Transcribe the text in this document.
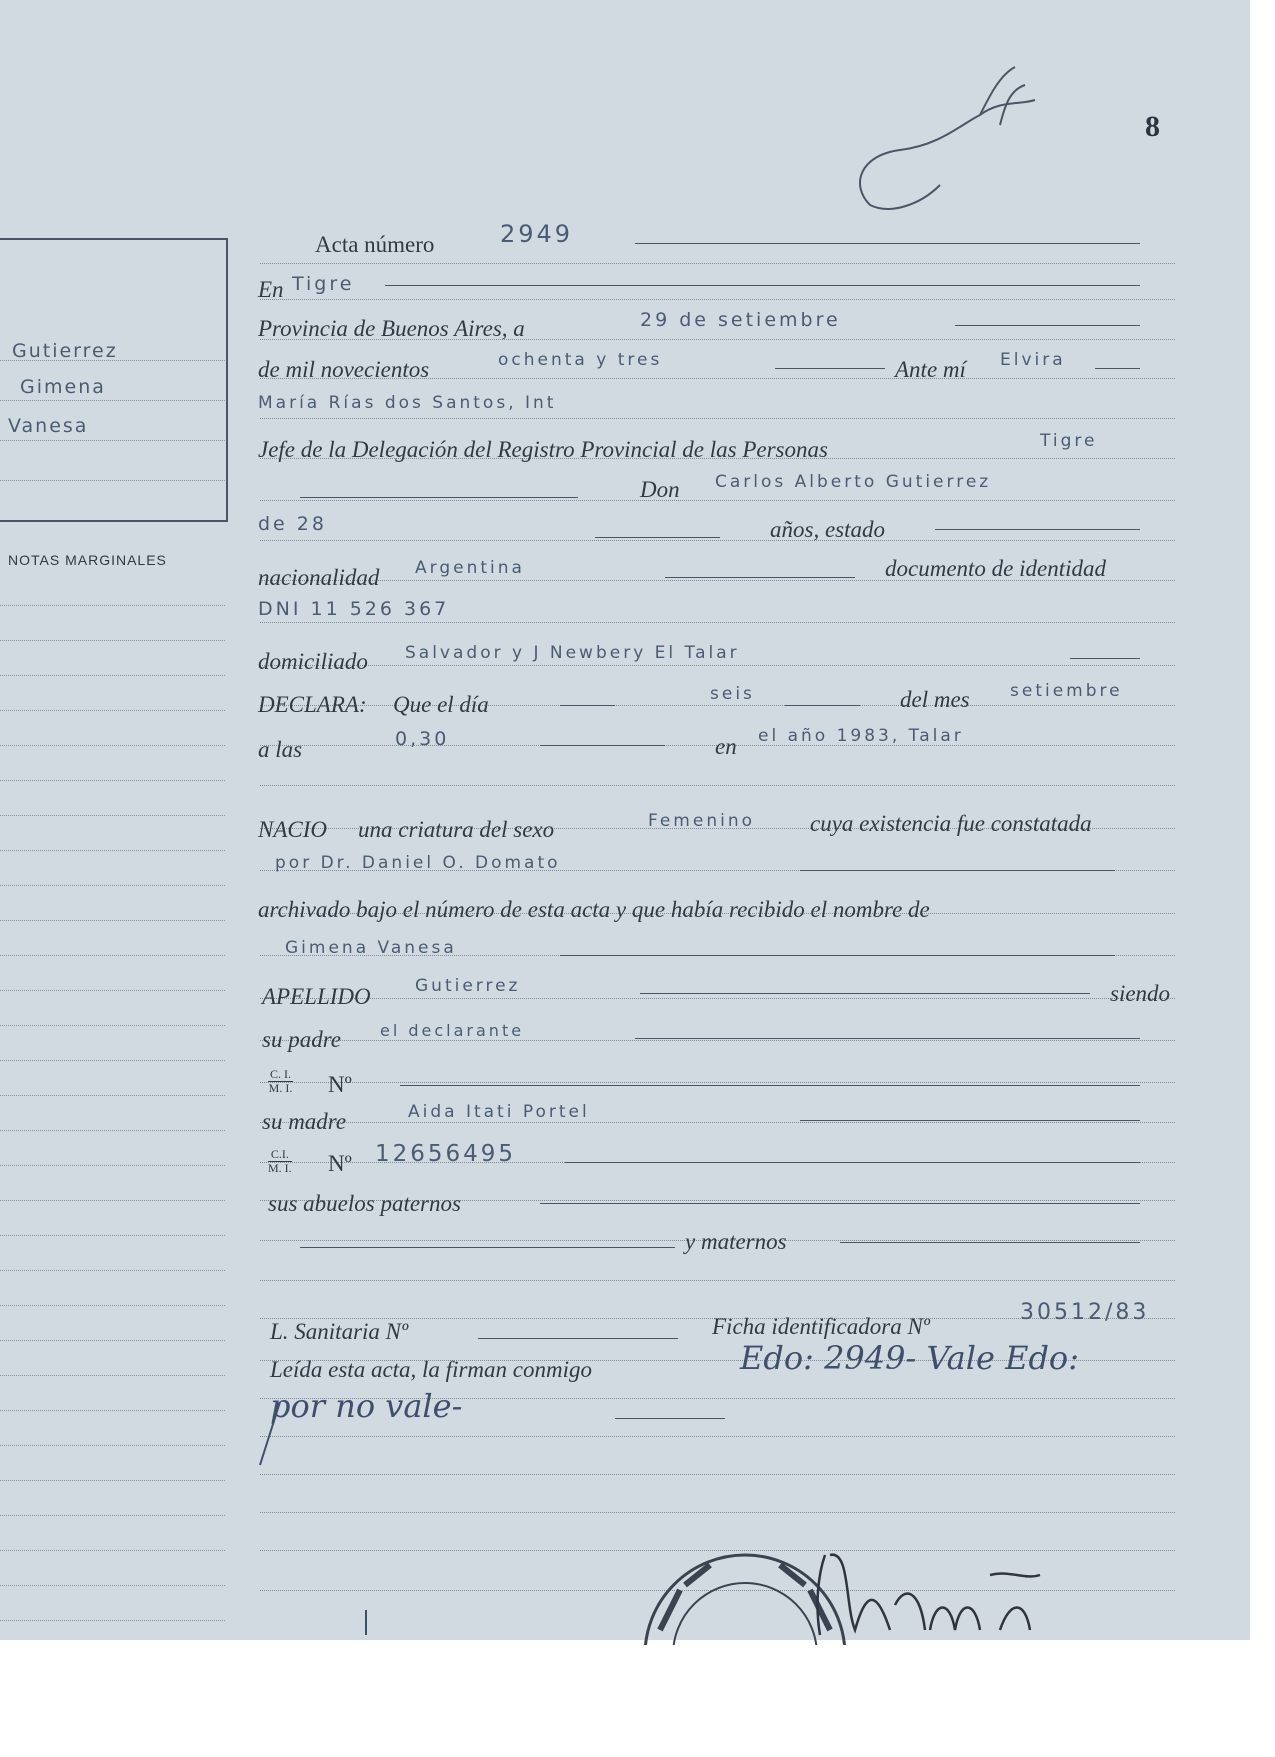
Gutierrez
Gimena
Vanesa
NOTAS MARGINALES
8
Acta número	2949
En Tigre
Provincia de Buenos Aires, a	29 de setiembre
de mil novecientos	ochenta y tres	Ante mí Elvira
María Rías dos Santos, Int
Jefe de la Delegación del Registro Provincial de las Personas	Tigre
Don Carlos Alberto Gutierrez
de 28	años, estado
nacionalidad Argentina	documento de identidad
DNI 11 526 367
domiciliado Salvador y J Newbery El Talar
DECLARA: Que el día	seis	del mes setiembre
a las	0,30	en el año 1983, Talar
NACIO una criatura del sexo	Femenino cuya existencia fue constatada
por Dr. Daniel O. Domato
archivado bajo el número de esta acta y que había recibido el nombre de
Gimena Vanesa
APELLIDO	Gutierrez	siendo
su padre el declarante
$\frac{C. I.}{M. I.}$ Nº
su madre	Aida Itati Portel
$\frac{C.I.}{M. I.}$ Nº 12656495
sus abuelos paternos
y maternos
L. Sanitaria Nº	Ficha identificadora Nº
30512/83
Leída esta acta, la firman conmigo	Edo: 2949- Vale Edo:
por no vale-
